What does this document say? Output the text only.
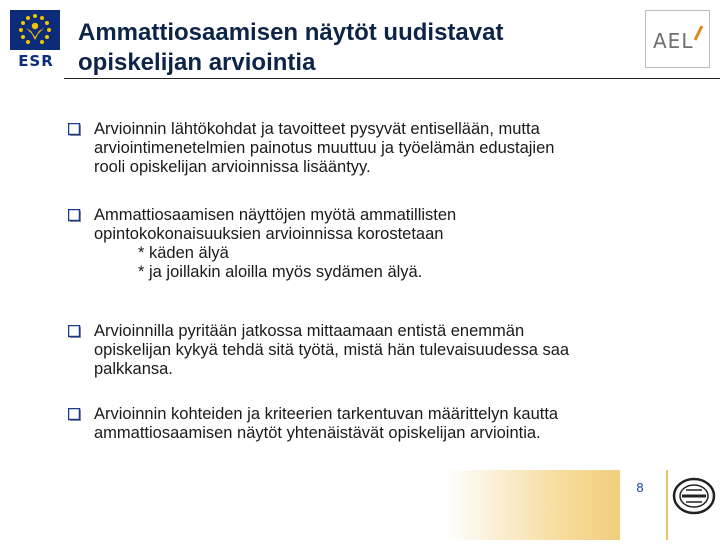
ESR
Ammattiosaamisen näytöt uudistavat
opiskelijan arviointia
AEL
Arvioinnin lähtökohdat ja tavoitteet pysyvät entisellään, mutta
arviointimenetelmien painotus muuttuu ja työelämän edustajien
rooli opiskelijan arvioinnissa lisääntyy.
Ammattiosaamisen näyttöjen myötä ammatillisten
opintokokonaisuuksien arvioinnissa korostetaan
* käden älyä
* ja joillakin aloilla myös sydämen älyä.
Arvioinnilla pyritään jatkossa mittaamaan entistä enemmän
opiskelijan kykyä tehdä sitä työtä, mistä hän tulevaisuudessa saa
palkkansa.
Arvioinnin kohteiden ja kriteerien tarkentuvan määrittelyn kautta
ammattiosaamisen näytöt yhtenäistävät opiskelijan arviointia.
8
